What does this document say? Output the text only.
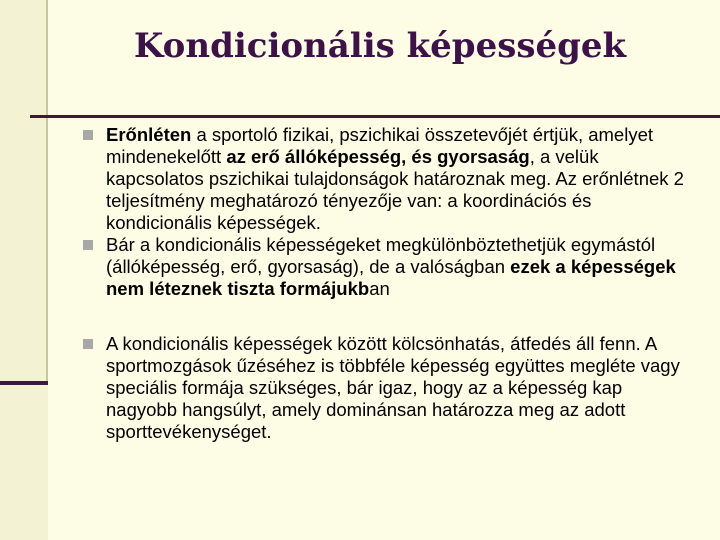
Kondicionális képességek

Erőnléten a sportoló fizikai, pszichikai összetevőjét értjük, amelyet mindenekelőtt az erő állóképesség, és gyorsaság, a velük kapcsolatos pszichikai tulajdonságok határoznak meg. Az erőnlétnek 2 teljesítmény meghatározó tényezője van: a koordinációs és kondicionális képességek.

Bár a kondicionális képességeket megkülönböztethetjük egymástól (állóképesség, erő, gyorsaság), de a valóságban ezek a képességek nem léteznek tiszta formájukban

A kondicionális képességek között kölcsönhatás, átfedés áll fenn. A sportmozgások űzéséhez is többféle képesség együttes megléte vagy speciális formája szükséges, bár igaz, hogy az a képesség kap nagyobb hangsúlyt, amely dominánsan határozza meg az adott sporttevékenységet.
